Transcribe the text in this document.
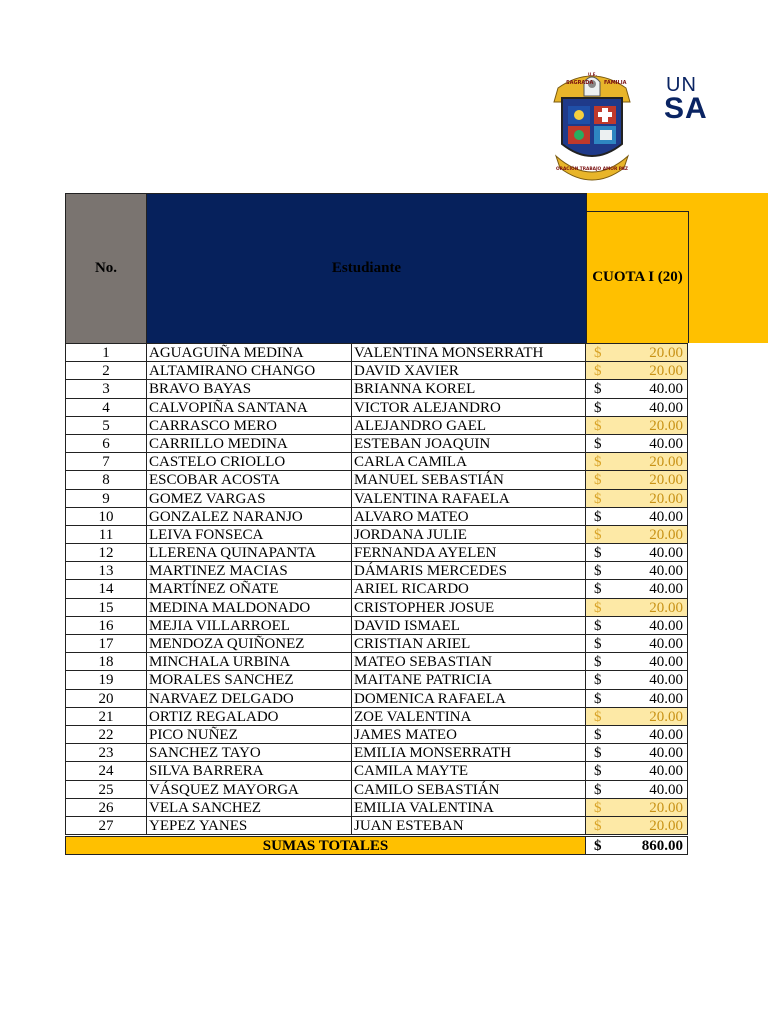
SAGRADA
U.E.
FAMILIA
ORACIÓN TRABAJO AMOR PAZ
UN
SA
No.	Estudiante
CUOTA I (20)
1	AGUAGUIÑA MEDINA	VALENTINA MONSERRATH	$	20.00
2	ALTAMIRANO CHANGO	DAVID XAVIER	$	20.00
3	BRAVO BAYAS	BRIANNA KOREL	$	40.00
4	CALVOPIÑA SANTANA	VICTOR ALEJANDRO	$	40.00
5	CARRASCO MERO	ALEJANDRO GAEL	$	20.00
6	CARRILLO MEDINA	ESTEBAN JOAQUIN	$	40.00
7	CASTELO CRIOLLO	CARLA CAMILA	$	20.00
8	ESCOBAR ACOSTA	MANUEL SEBASTIÁN	$	20.00
9	GOMEZ VARGAS	VALENTINA RAFAELA	$	20.00
10	GONZALEZ NARANJO	ALVARO MATEO	$	40.00
11	LEIVA FONSECA	JORDANA JULIE	$	20.00
12	LLERENA QUINAPANTA	FERNANDA AYELEN	$	40.00
13	MARTINEZ MACIAS	DÁMARIS MERCEDES	$	40.00
14	MARTÍNEZ OÑATE	ARIEL RICARDO	$	40.00
15	MEDINA MALDONADO	CRISTOPHER JOSUE	$	20.00
16	MEJIA VILLARROEL	DAVID ISMAEL	$	40.00
17	MENDOZA QUIÑONEZ	CRISTIAN ARIEL	$	40.00
18	MINCHALA URBINA	MATEO SEBASTIAN	$	40.00
19	MORALES SANCHEZ	MAITANE PATRICIA	$	40.00
20	NARVAEZ DELGADO	DOMENICA RAFAELA	$	40.00
21	ORTIZ REGALADO	ZOE VALENTINA	$	20.00
22	PICO NUÑEZ	JAMES MATEO	$	40.00
23	SANCHEZ TAYO	EMILIA MONSERRATH	$	40.00
24	SILVA BARRERA	CAMILA MAYTE	$	40.00
25	VÁSQUEZ MAYORGA	CAMILO SEBASTIÁN	$	40.00
26	VELA SANCHEZ	EMILIA VALENTINA	$	20.00
27	YEPEZ YANES	JUAN ESTEBAN	$	20.00
SUMAS TOTALES	$	860.00
